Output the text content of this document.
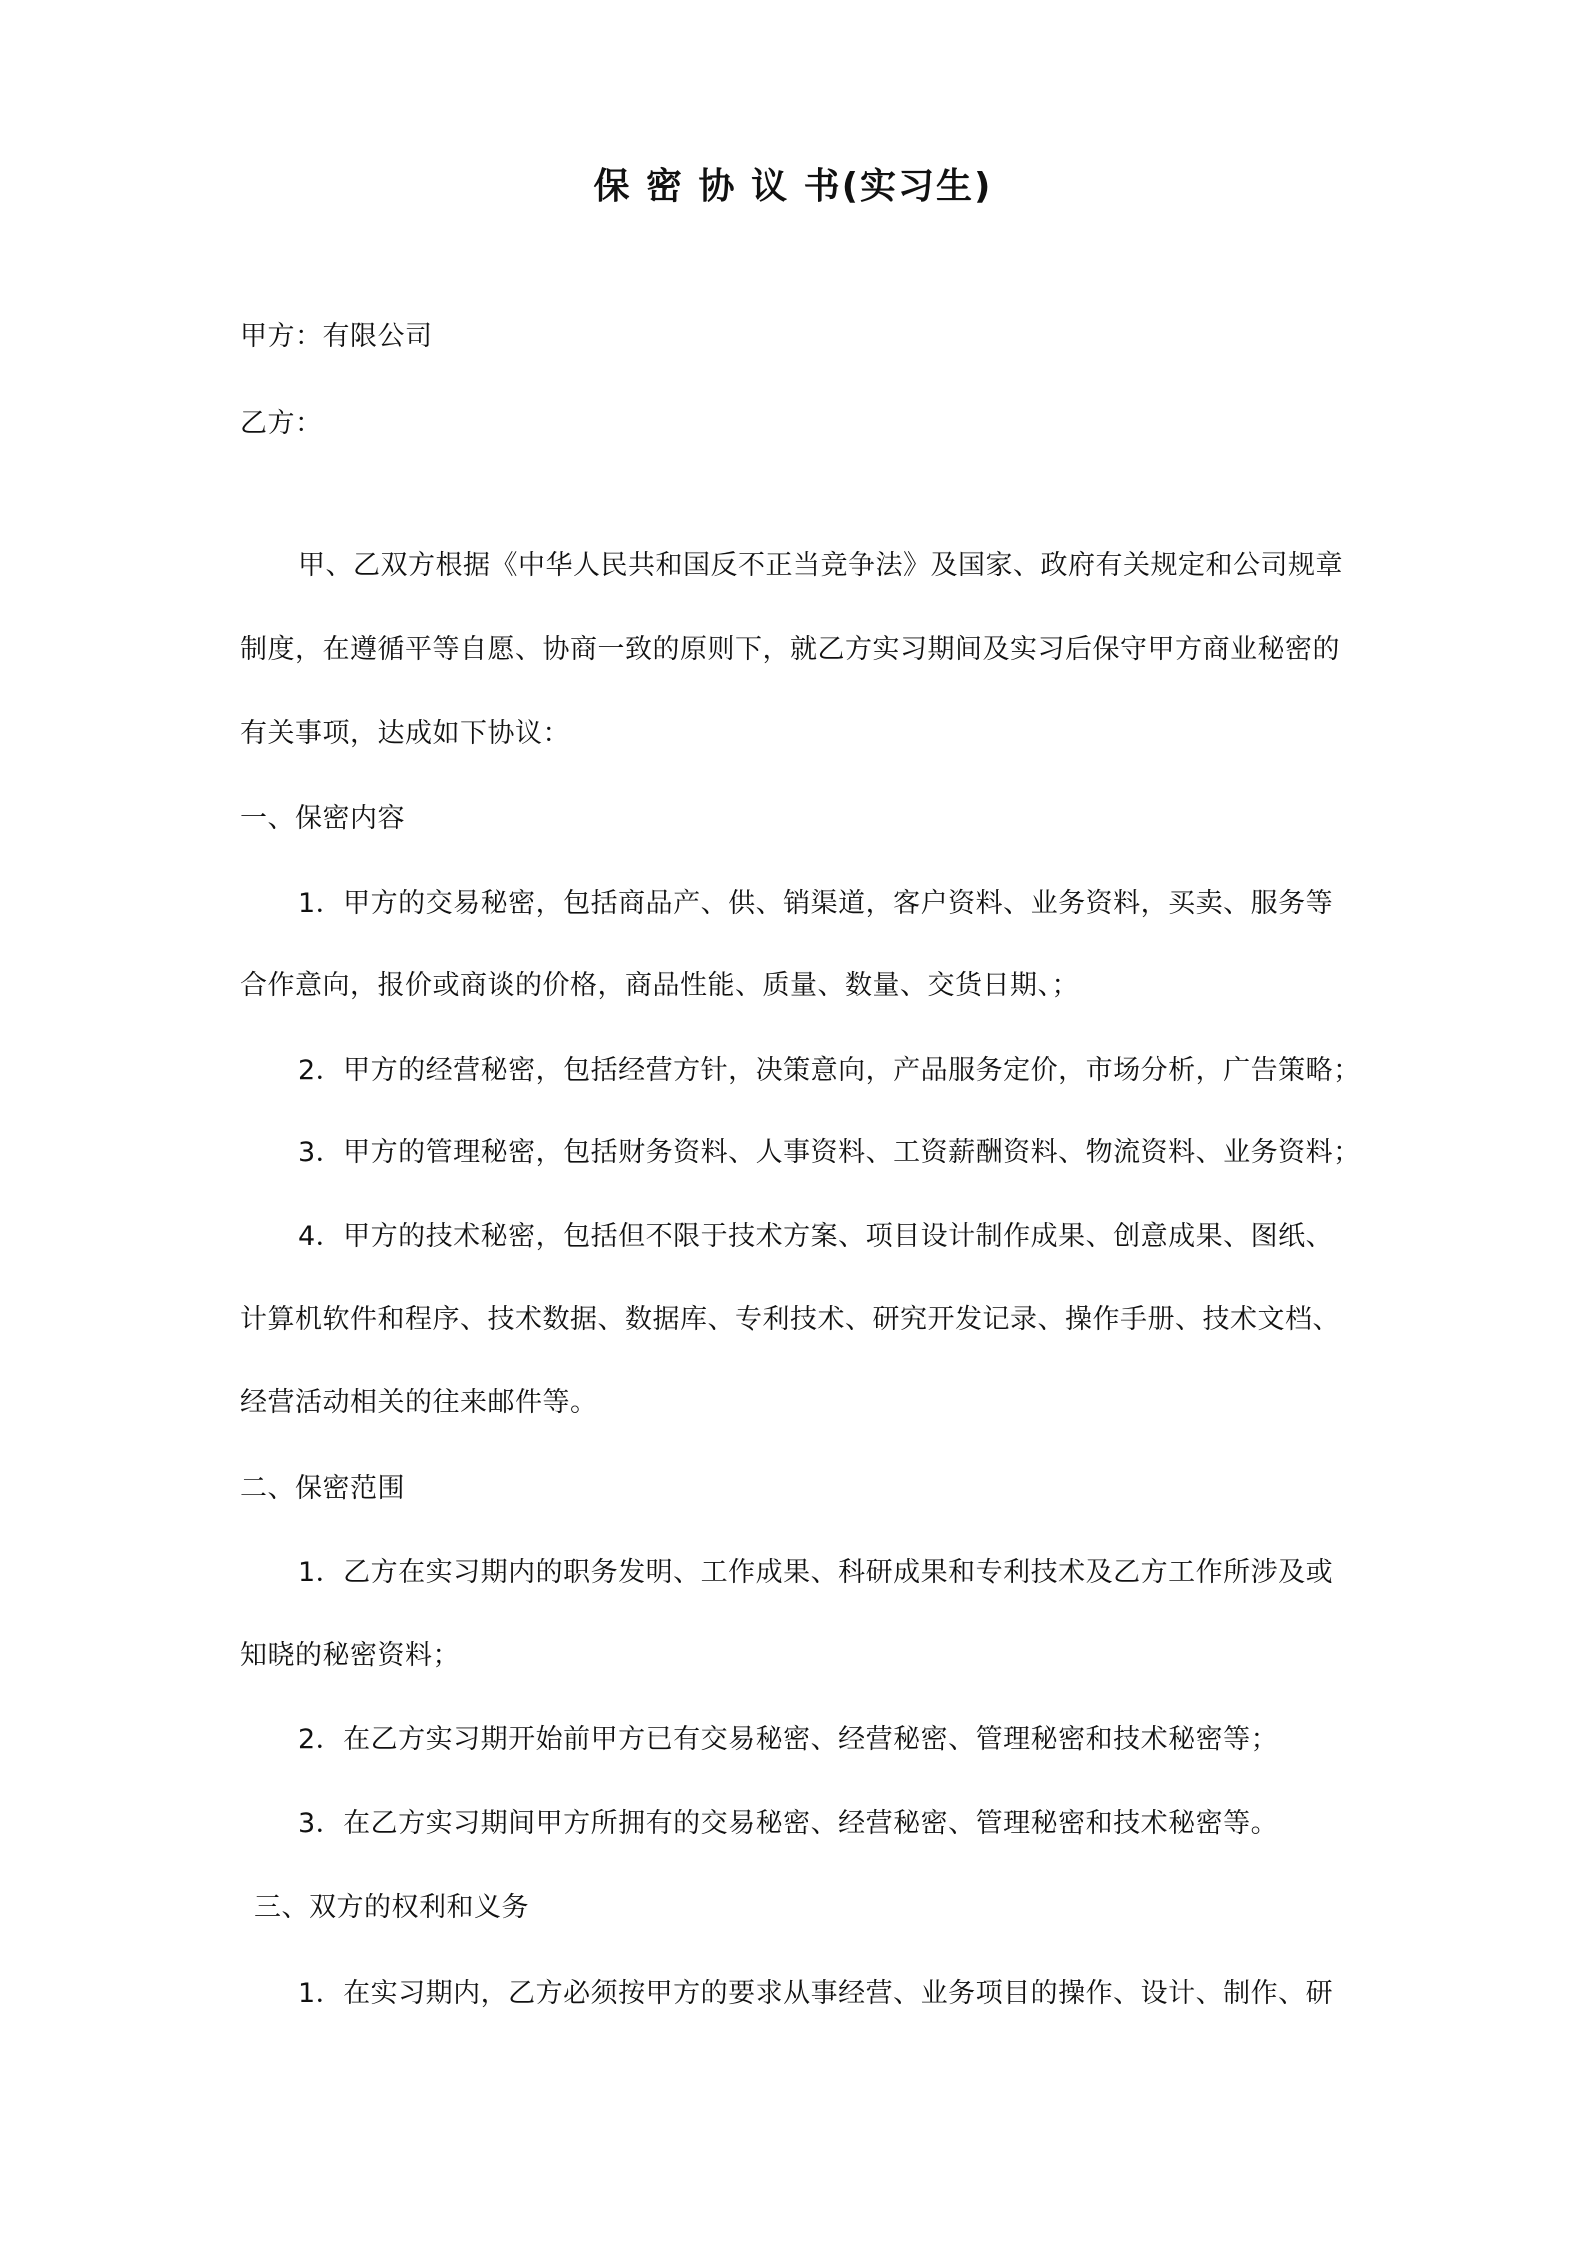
保 密 协 议 书(实习生)
甲方：有限公司
乙方：
甲、乙双方根据《中华人民共和国反不正当竞争法》及国家、政府有关规定和公司规章
制度，在遵循平等自愿、协商一致的原则下，就乙方实习期间及实习后保守甲方商业秘密的
有关事项，达成如下协议：
一、保密内容
1．甲方的交易秘密，包括商品产、供、销渠道，客户资料、业务资料，买卖、服务等
合作意向，报价或商谈的价格，商品性能、质量、数量、交货日期、；
2．甲方的经营秘密，包括经营方针，决策意向，产品服务定价，市场分析，广告策略；
3．甲方的管理秘密，包括财务资料、人事资料、工资薪酬资料、物流资料、业务资料；
4．甲方的技术秘密，包括但不限于技术方案、项目设计制作成果、创意成果、图纸、
计算机软件和程序、技术数据、数据库、专利技术、研究开发记录、操作手册、技术文档、
经营活动相关的往来邮件等。
二、保密范围
1．乙方在实习期内的职务发明、工作成果、科研成果和专利技术及乙方工作所涉及或
知晓的秘密资料；
2．在乙方实习期开始前甲方已有交易秘密、经营秘密、管理秘密和技术秘密等；
3．在乙方实习期间甲方所拥有的交易秘密、经营秘密、管理秘密和技术秘密等。
三、双方的权利和义务
1．在实习期内，乙方必须按甲方的要求从事经营、业务项目的操作、设计、制作、研
